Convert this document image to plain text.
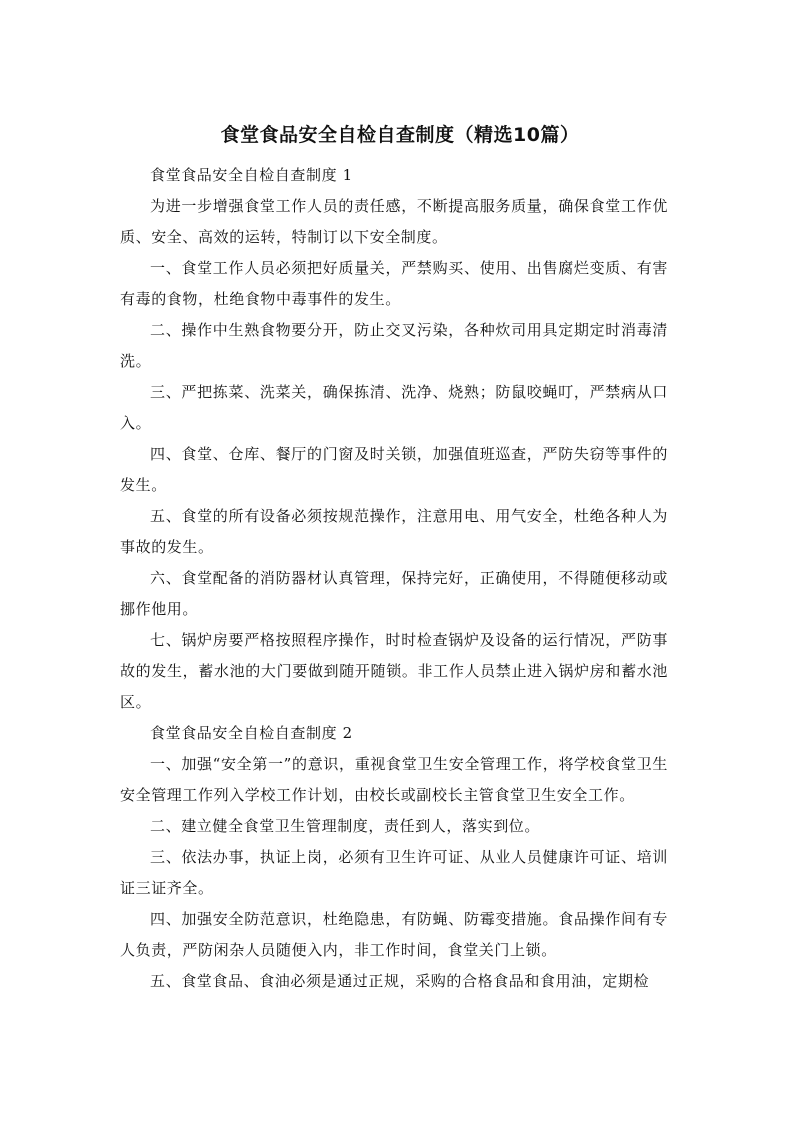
食堂食品安全自检自查制度（精选10篇）

食堂食品安全自检自查制度 1

为进一步增强食堂工作人员的责任感，不断提高服务质量，确保食堂工作优质、安全、高效的运转，特制订以下安全制度。

一、食堂工作人员必须把好质量关，严禁购买、使用、出售腐烂变质、有害有毒的食物，杜绝食物中毒事件的发生。

二、操作中生熟食物要分开，防止交叉污染，各种炊司用具定期定时消毒清洗。

三、严把拣菜、洗菜关，确保拣清、洗净、烧熟；防鼠咬蝇叮，严禁病从口入。

四、食堂、仓库、餐厅的门窗及时关锁，加强值班巡查，严防失窃等事件的发生。

五、食堂的所有设备必须按规范操作，注意用电、用气安全，杜绝各种人为事故的发生。

六、食堂配备的消防器材认真管理，保持完好，正确使用，不得随便移动或挪作他用。

七、锅炉房要严格按照程序操作，时时检查锅炉及设备的运行情况，严防事故的发生，蓄水池的大门要做到随开随锁。非工作人员禁止进入锅炉房和蓄水池区。

食堂食品安全自检自查制度 2

一、加强“安全第一”的意识，重视食堂卫生安全管理工作，将学校食堂卫生安全管理工作列入学校工作计划，由校长或副校长主管食堂卫生安全工作。

二、建立健全食堂卫生管理制度，责任到人，落实到位。

三、依法办事，执证上岗，必须有卫生许可证、从业人员健康许可证、培训证三证齐全。

四、加强安全防范意识，杜绝隐患，有防蝇、防霉变措施。食品操作间有专人负责，严防闲杂人员随便入内，非工作时间，食堂关门上锁。

五、食堂食品、食油必须是通过正规，采购的合格食品和食用油，定期检
